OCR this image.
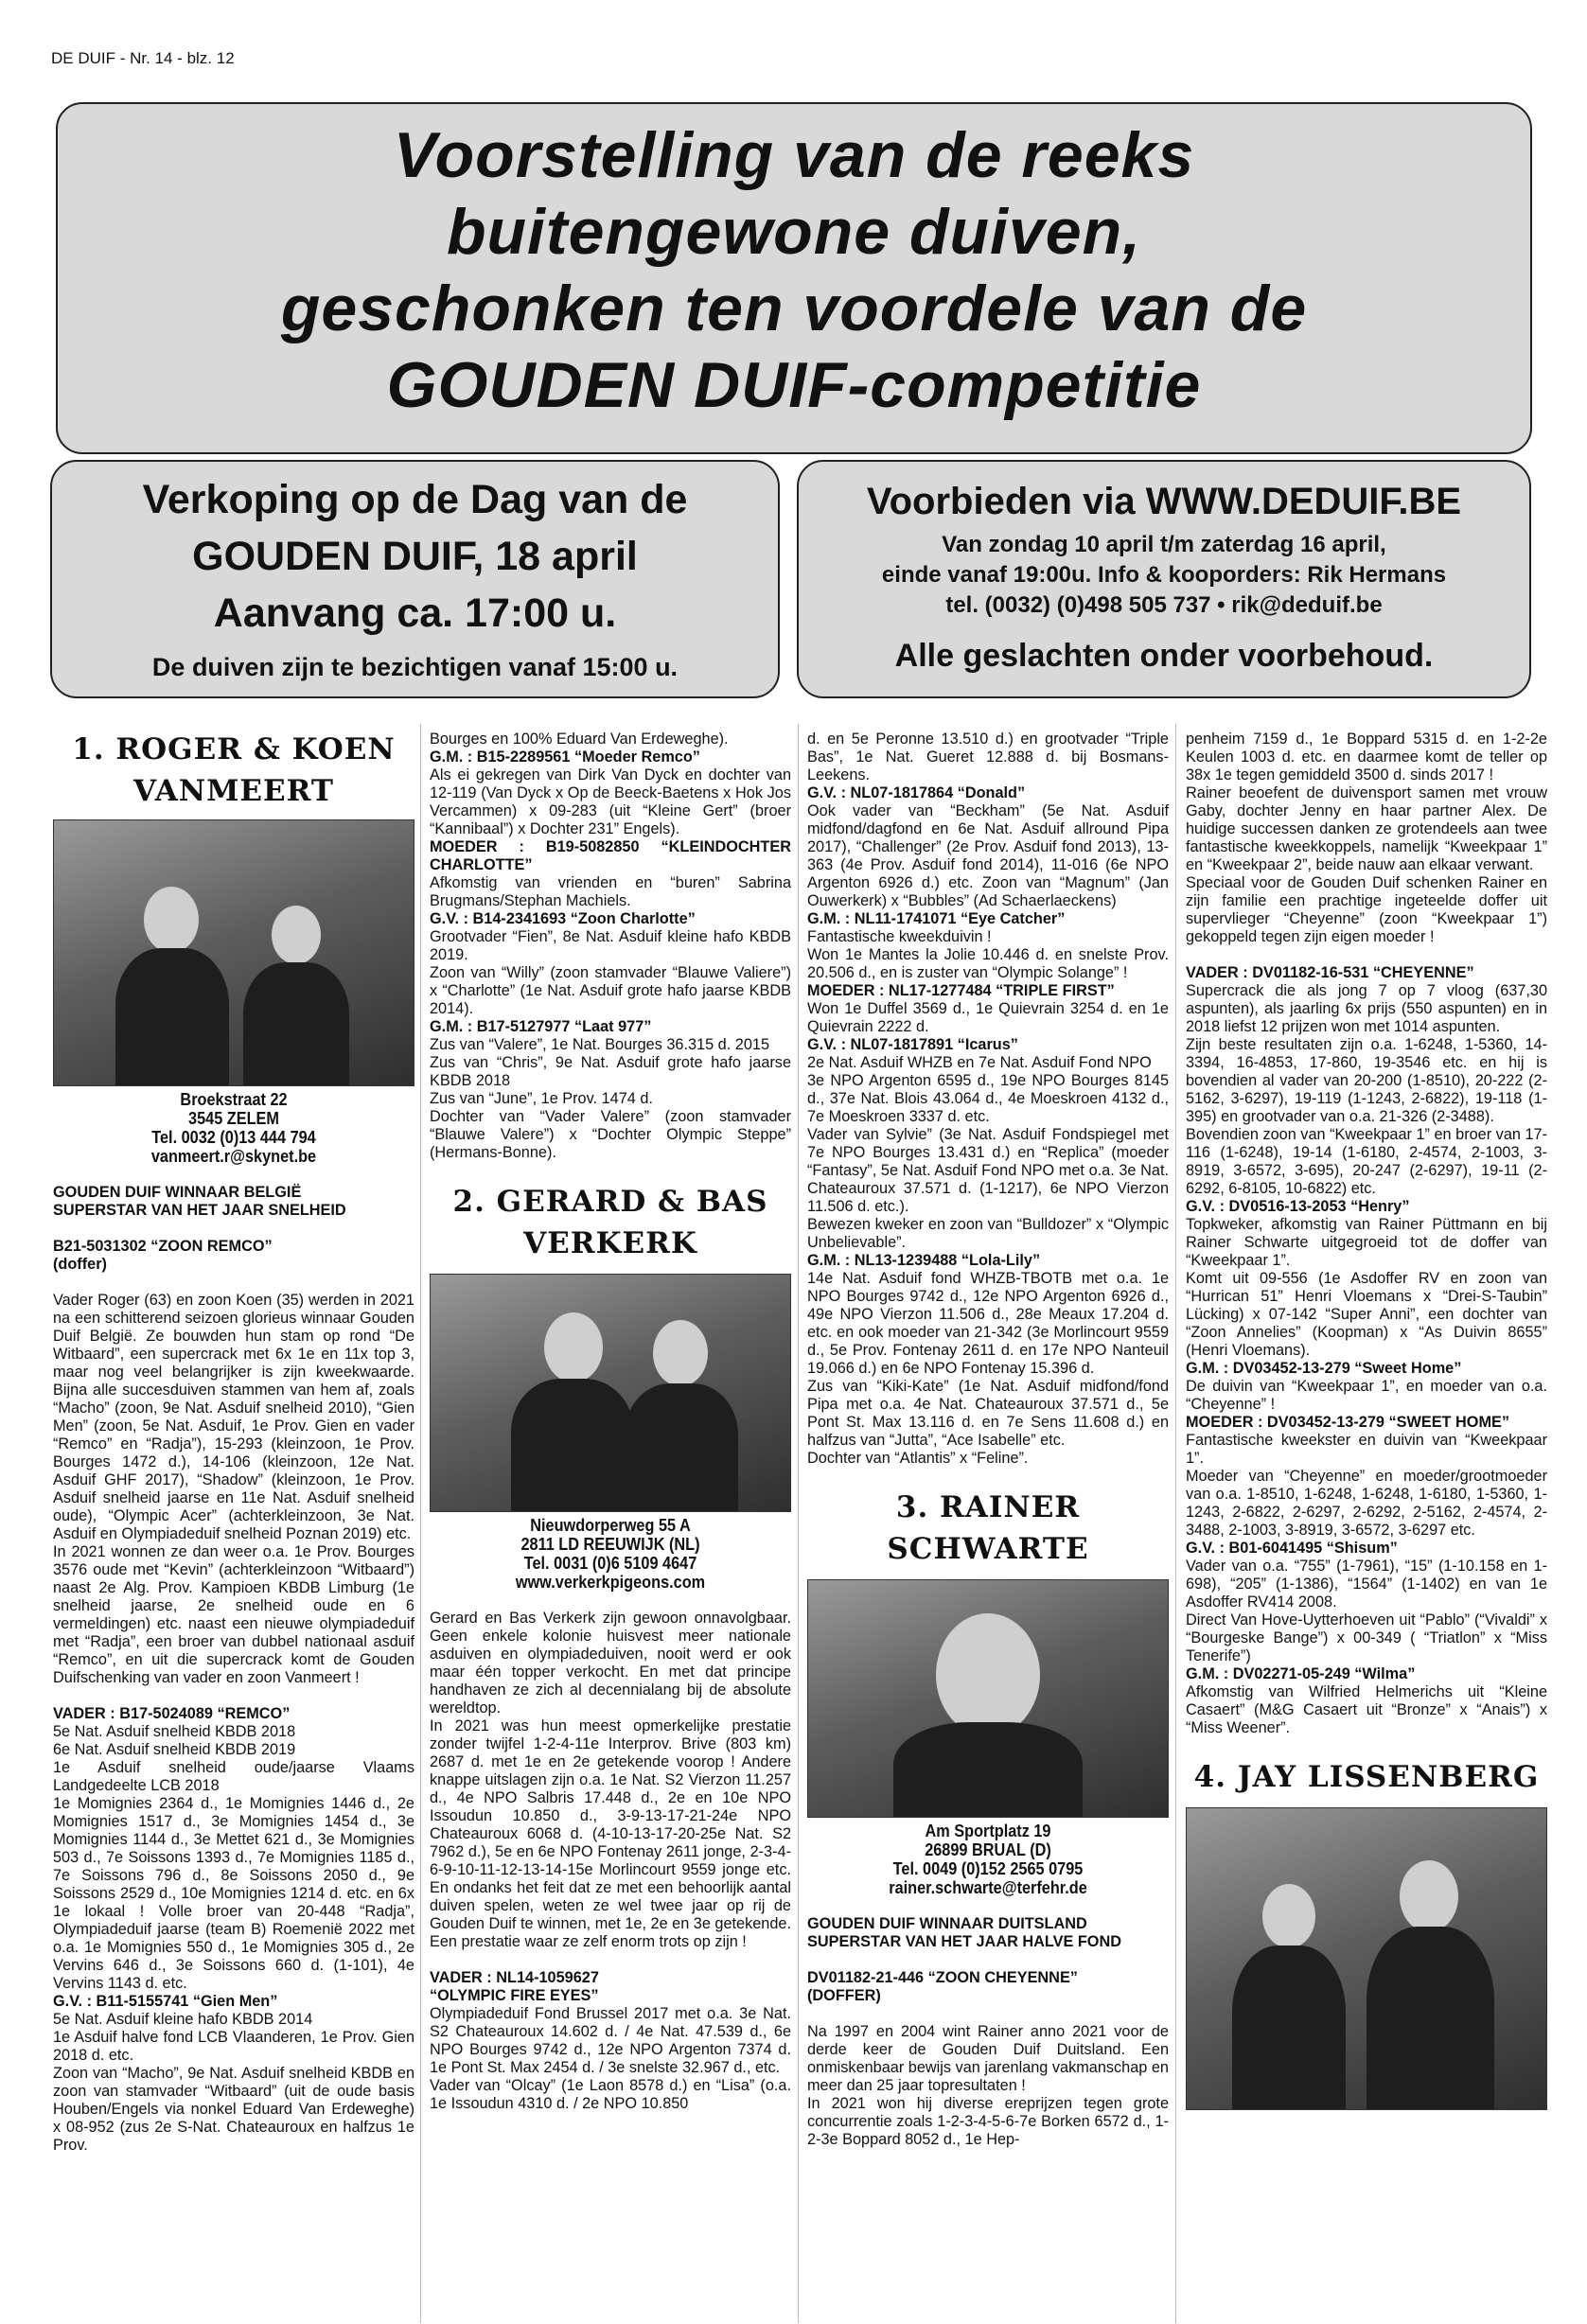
DE DUIF - Nr. 14 - blz. 12
Voorstelling van de reeks
buitengewone duiven,
geschonken ten voordele van de
GOUDEN DUIF-competitie
Verkoping op de Dag van de
GOUDEN DUIF, 18 april
Aanvang ca. 17:00 u.
De duiven zijn te bezichtigen vanaf 15:00 u.
Voorbieden via WWW.DEDUIF.BE
Van zondag 10 april t/m zaterdag 16 april,
einde vanaf 19:00u. Info & kooporders: Rik Hermans
tel. (0032) (0)498 505 737 • rik@deduif.be
Alle geslachten onder voorbehoud.
1. ROGER & KOEN
VANMEERT
Broekstraat 22
3545 ZELEM
Tel. 0032 (0)13 444 794
vanmeert.r@skynet.be

GOUDEN DUIF WINNAAR BELGIË

SUPERSTAR VAN HET JAAR SNELHEID

B21-5031302 “ZOON REMCO”

(doffer)

Vader Roger (63) en zoon Koen (35) werden in 2021 na een schitterend seizoen glorieus winnaar Gouden Duif België. Ze bouwden hun stam op rond “De Witbaard”, een supercrack met 6x 1e en 11x top 3, maar nog veel belangrijker is zijn kweekwaarde. Bijna alle succesduiven stammen van hem af, zoals “Macho” (zoon, 9e Nat. Asduif snelheid 2010), “Gien Men” (zoon, 5e Nat. Asduif, 1e Prov. Gien en vader “Remco” en “Radja”), 15-293 (kleinzoon, 1e Prov. Bourges 1472 d.), 14-106 (kleinzoon, 12e Nat. Asduif GHF 2017), “Shadow” (kleinzoon, 1e Prov. Asduif snelheid jaarse en 11e Nat. Asduif snelheid oude), “Olympic Acer” (achterkleinzoon, 3e Nat. Asduif en Olympiadeduif snelheid Poznan 2019) etc.

In 2021 wonnen ze dan weer o.a. 1e Prov. Bourges 3576 oude met “Kevin” (achterkleinzoon “Witbaard”) naast 2e Alg. Prov. Kampioen KBDB Limburg (1e snelheid jaarse, 2e snelheid oude en 6 vermeldingen) etc. naast een nieuwe olympiadeduif met “Radja”, een broer van dubbel nationaal asduif “Remco”, en uit die supercrack komt de Gouden Duifschenking van vader en zoon Vanmeert !

VADER : B17-5024089 “REMCO”

5e Nat. Asduif snelheid KBDB 2018

6e Nat. Asduif snelheid KBDB 2019

1e Asduif snelheid oude/jaarse Vlaams Landgedeelte LCB 2018

1e Momignies 2364 d., 1e Momignies 1446 d., 2e Momignies 1517 d., 3e Momignies 1454 d., 3e Momignies 1144 d., 3e Mettet 621 d., 3e Momignies 503 d., 7e Soissons 1393 d., 7e Momignies 1185 d., 7e Soissons 796 d., 8e Soissons 2050 d., 9e Soissons 2529 d., 10e Momignies 1214 d. etc. en 6x 1e lokaal ! Volle broer van 20-448 “Radja”, Olympiadeduif jaarse (team B) Roemenië 2022 met o.a. 1e Momignies 550 d., 1e Momignies 305 d., 2e Vervins 646 d., 3e Soissons 660 d. (1-101), 4e Vervins 1143 d. etc.

G.V. : B11-5155741 “Gien Men”

5e Nat. Asduif kleine hafo KBDB 2014

1e Asduif halve fond LCB Vlaanderen, 1e Prov. Gien 2018 d. etc.

Zoon van “Macho”, 9e Nat. Asduif snelheid KBDB en zoon van stamvader “Witbaard” (uit de oude basis Houben/Engels via nonkel Eduard Van Erdeweghe) x 08-952 (zus 2e S-Nat. Chateauroux en halfzus 1e Prov.

Bourges en 100% Eduard Van Erdeweghe).

G.M. : B15-2289561 “Moeder Remco”

Als ei gekregen van Dirk Van Dyck en dochter van 12-119 (Van Dyck x Op de Beeck-Baetens x Hok Jos Vercammen) x 09-283 (uit “Kleine Gert” (broer “Kannibaal”) x Dochter 231” Engels).

MOEDER : B19-5082850 “KLEINDOCHTER CHARLOTTE”

Afkomstig van vrienden en “buren” Sabrina Brugmans/Stephan Machiels.

G.V. : B14-2341693 “Zoon Charlotte”

Grootvader “Fien”, 8e Nat. Asduif kleine hafo KBDB 2019.

Zoon van “Willy” (zoon stamvader “Blauwe Valiere”) x “Charlotte” (1e Nat. Asduif grote hafo jaarse KBDB 2014).

G.M. : B17-5127977 “Laat 977”

Zus van “Valere”, 1e Nat. Bourges 36.315 d. 2015

Zus van “Chris”, 9e Nat. Asduif grote hafo jaarse KBDB 2018

Zus van “June”, 1e Prov. 1474 d.

Dochter van “Vader Valere” (zoon stamvader “Blauwe Valere”) x “Dochter Olympic Steppe” (Hermans-Bonne).

2. GERARD & BAS
VERKERK
Nieuwdorperweg 55 A
2811 LD REEUWIJK (NL)
Tel. 0031 (0)6 5109 4647
www.verkerkpigeons.com

Gerard en Bas Verkerk zijn gewoon onnavolgbaar. Geen enkele kolonie huisvest meer nationale asduiven en olympiadeduiven, nooit werd er ook maar één topper verkocht. En met dat principe handhaven ze zich al decennialang bij de absolute wereldtop.

In 2021 was hun meest opmerkelijke prestatie zonder twijfel 1-2-4-11e Interprov. Brive (803 km) 2687 d. met 1e en 2e getekende voorop ! Andere knappe uitslagen zijn o.a. 1e Nat. S2 Vierzon 11.257 d., 4e NPO Salbris 17.448 d., 2e en 10e NPO Issoudun 10.850 d., 3-9-13-17-21-24e NPO Chateauroux 6068 d. (4-10-13-17-20-25e Nat. S2 7962 d.), 5e en 6e NPO Fontenay 2611 jonge, 2-3-4-6-9-10-11-12-13-14-15e Morlincourt 9559 jonge etc. En ondanks het feit dat ze met een behoorlijk aantal duiven spelen, weten ze wel twee jaar op rij de Gouden Duif te winnen, met 1e, 2e en 3e getekende. Een prestatie waar ze zelf enorm trots op zijn !

VADER : NL14-1059627

“OLYMPIC FIRE EYES”

Olympiadeduif Fond Brussel 2017 met o.a. 3e Nat. S2 Chateauroux 14.602 d. / 4e Nat. 47.539 d., 6e NPO Bourges 9742 d., 12e NPO Argenton 7374 d. 1e Pont St. Max 2454 d. / 3e snelste 32.967 d., etc.

Vader van “Olcay” (1e Laon 8578 d.) en “Lisa” (o.a. 1e Issoudun 4310 d. / 2e NPO 10.850

d. en 5e Peronne 13.510 d.) en grootvader “Triple Bas”, 1e Nat. Gueret 12.888 d. bij Bosmans-Leekens.

G.V. : NL07-1817864 “Donald”

Ook vader van “Beckham” (5e Nat. Asduif midfond/dagfond en 6e Nat. Asduif allround Pipa 2017), “Challenger” (2e Prov. Asduif fond 2013), 13-363 (4e Prov. Asduif fond 2014), 11-016 (6e NPO Argenton 6926 d.) etc. Zoon van “Magnum” (Jan Ouwerkerk) x “Bubbles” (Ad Schaerlaeckens)

G.M. : NL11-1741071 “Eye Catcher”

Fantastische kweekduivin !

Won 1e Mantes la Jolie 10.446 d. en snelste Prov. 20.506 d., en is zuster van “Olympic Solange” !

MOEDER : NL17-1277484 “TRIPLE FIRST”

Won 1e Duffel 3569 d., 1e Quievrain 3254 d. en 1e Quievrain 2222 d.

G.V. : NL07-1817891 “Icarus”

2e Nat. Asduif WHZB en 7e Nat. Asduif Fond NPO

3e NPO Argenton 6595 d., 19e NPO Bourges 8145 d., 37e Nat. Blois 43.064 d., 4e Moeskroen 4132 d., 7e Moeskroen 3337 d. etc.

Vader van Sylvie” (3e Nat. Asduif Fondspiegel met 7e NPO Bourges 13.431 d.) en “Replica” (moeder “Fantasy”, 5e Nat. Asduif Fond NPO met o.a. 3e Nat. Chateauroux 37.571 d. (1-1217), 6e NPO Vierzon 11.506 d. etc.).

Bewezen kweker en zoon van “Bulldozer” x “Olympic Unbelievable”.

G.M. : NL13-1239488 “Lola-Lily”

14e Nat. Asduif fond WHZB-TBOTB met o.a. 1e NPO Bourges 9742 d., 12e NPO Argenton 6926 d., 49e NPO Vierzon 11.506 d., 28e Meaux 17.204 d. etc. en ook moeder van 21-342 (3e Morlincourt 9559 d., 5e Prov. Fontenay 2611 d. en 17e NPO Nanteuil 19.066 d.) en 6e NPO Fontenay 15.396 d.

Zus van “Kiki-Kate” (1e Nat. Asduif midfond/fond Pipa met o.a. 4e Nat. Chateauroux 37.571 d., 5e Pont St. Max 13.116 d. en 7e Sens 11.608 d.) en halfzus van “Jutta”, “Ace Isabelle” etc.

Dochter van “Atlantis” x “Feline”.

3. RAINER SCHWARTE
Am Sportplatz 19
26899 BRUAL (D)
Tel. 0049 (0)152 2565 0795
rainer.schwarte@terfehr.de

GOUDEN DUIF WINNAAR DUITSLAND

SUPERSTAR VAN HET JAAR HALVE FOND

DV01182-21-446 “ZOON CHEYENNE”

(DOFFER)

Na 1997 en 2004 wint Rainer anno 2021 voor de derde keer de Gouden Duif Duitsland. Een onmiskenbaar bewijs van jarenlang vakmanschap en meer dan 25 jaar topresultaten !

In 2021 won hij diverse ereprijzen tegen grote concurrentie zoals 1-2-3-4-5-6-7e Borken 6572 d., 1-2-3e Boppard 8052 d., 1e Hep-

penheim 7159 d., 1e Boppard 5315 d. en 1-2-2e Keulen 1003 d. etc. en daarmee komt de teller op 38x 1e tegen gemiddeld 3500 d. sinds 2017 !

Rainer beoefent de duivensport samen met vrouw Gaby, dochter Jenny en haar partner Alex. De huidige successen danken ze grotendeels aan twee fantastische kweekkoppels, namelijk “Kweekpaar 1” en “Kweekpaar 2”, beide nauw aan elkaar verwant.

Speciaal voor de Gouden Duif schenken Rainer en zijn familie een prachtige ingeteelde doffer uit supervlieger “Cheyenne” (zoon “Kweekpaar 1”) gekoppeld tegen zijn eigen moeder !

VADER : DV01182-16-531 “CHEYENNE”

Supercrack die als jong 7 op 7 vloog (637,30 aspunten), als jaarling 6x prijs (550 aspunten) en in 2018 liefst 12 prijzen won met 1014 aspunten.

Zijn beste resultaten zijn o.a. 1-6248, 1-5360, 14-3394, 16-4853, 17-860, 19-3546 etc. en hij is bovendien al vader van 20-200 (1-8510), 20-222 (2-5162, 3-6297), 19-119 (1-1243, 2-6822), 19-118 (1-395) en grootvader van o.a. 21-326 (2-3488).

Bovendien zoon van “Kweekpaar 1” en broer van 17-116 (1-6248), 19-14 (1-6180, 2-4574, 2-1003, 3-8919, 3-6572, 3-695), 20-247 (2-6297), 19-11 (2-6292, 6-8105, 10-6822) etc.

G.V. : DV0516-13-2053 “Henry”

Topkweker, afkomstig van Rainer Püttmann en bij Rainer Schwarte uitgegroeid tot de doffer van “Kweekpaar 1”.

Komt uit 09-556 (1e Asdoffer RV en zoon van “Hurrican 51” Henri Vloemans x “Drei-S-Taubin” Lücking) x 07-142 “Super Anni”, een dochter van “Zoon Annelies” (Koopman) x “As Duivin 8655” (Henri Vloemans).

G.M. : DV03452-13-279 “Sweet Home”

De duivin van “Kweekpaar 1”, en moeder van o.a. “Cheyenne” !

MOEDER : DV03452-13-279 “SWEET HOME”

Fantastische kweekster en duivin van “Kweekpaar 1”.

Moeder van “Cheyenne” en moeder/grootmoeder van o.a. 1-8510, 1-6248, 1-6248, 1-6180, 1-5360, 1-1243, 2-6822, 2-6297, 2-6292, 2-5162, 2-4574, 2-3488, 2-1003, 3-8919, 3-6572, 3-6297 etc.

G.V. : B01-6041495 “Shisum”

Vader van o.a. “755” (1-7961), “15” (1-10.158 en 1-698), “205” (1-1386), “1564” (1-1402) en van 1e Asdoffer RV414 2008.

Direct Van Hove-Uytterhoeven uit “Pablo” (“Vivaldi” x “Bourgeske Bange”) x 00-349 ( “Triatlon” x “Miss Tenerife”)

G.M. : DV02271-05-249 “Wilma”

Afkomstig van Wilfried Helmerichs uit “Kleine Casaert” (M&G Casaert uit “Bronze” x “Anais”) x “Miss Weener”.

4. JAY LISSENBERG
